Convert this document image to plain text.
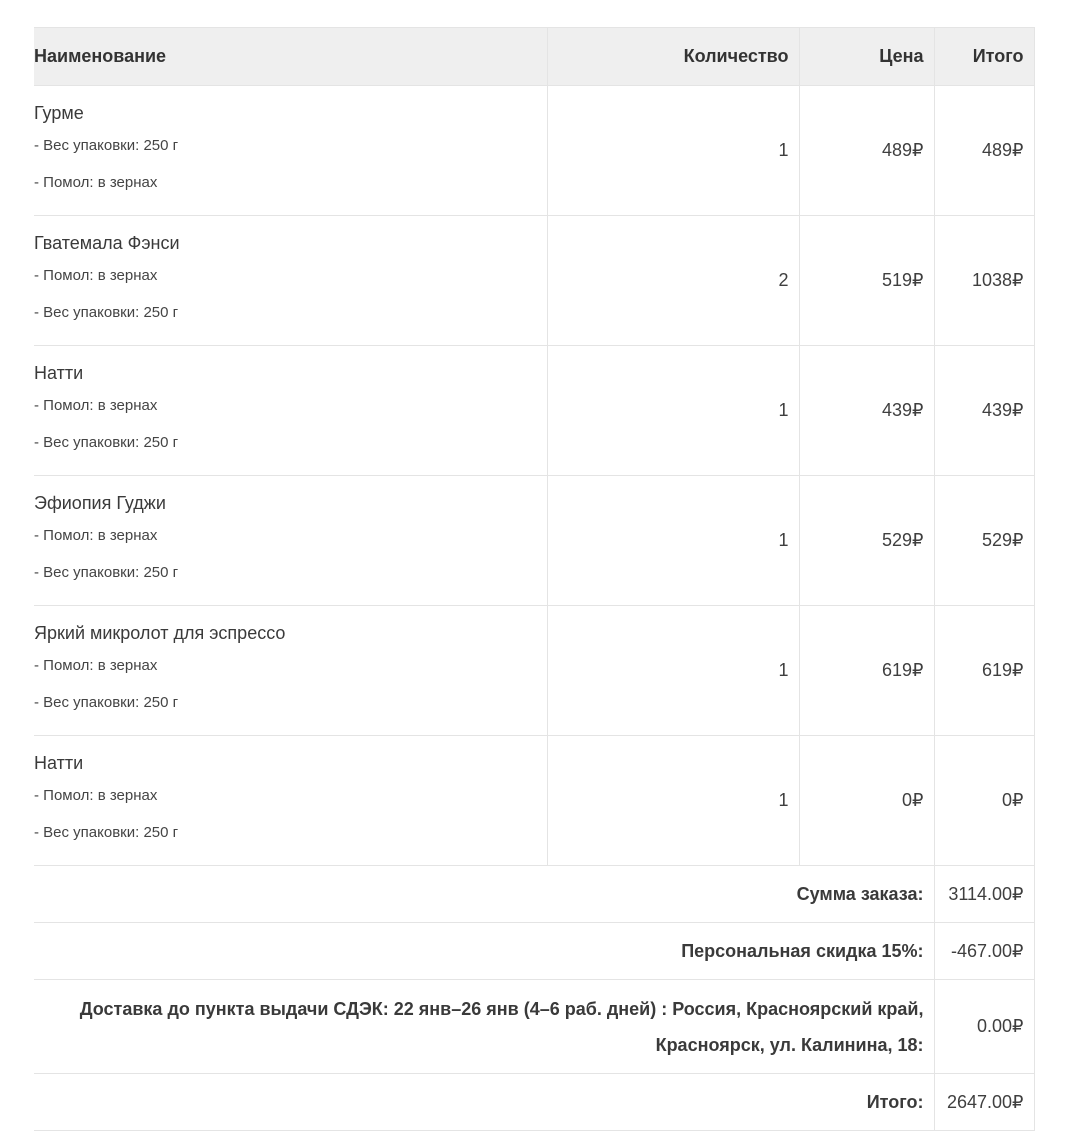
Наименование	Количество	Цена	Итого

Гурме
- Вес упаковки: 250 г
- Помол: в зернах	1	489₽	489₽

Гватемала Фэнси
- Помол: в зернах
- Вес упаковки: 250 г	2	519₽	1038₽

Натти
- Помол: в зернах
- Вес упаковки: 250 г	1	439₽	439₽

Эфиопия Гуджи
- Помол: в зернах
- Вес упаковки: 250 г	1	529₽	529₽

Яркий микролот для эспрессо
- Помол: в зернах
- Вес упаковки: 250 г	1	619₽	619₽

Натти
- Помол: в зернах
- Вес упаковки: 250 г	1	0₽	0₽
Сумма заказа:			3114.00₽
Персональная скидка 15%:			-467.00₽
Доставка до пункта выдачи СДЭК: 22 янв–26 янв (4–6 раб. дней) : Россия, Красноярский край, Красноярск, ул. Калинина, 18:			0.00₽
Итого:			2647.00₽
